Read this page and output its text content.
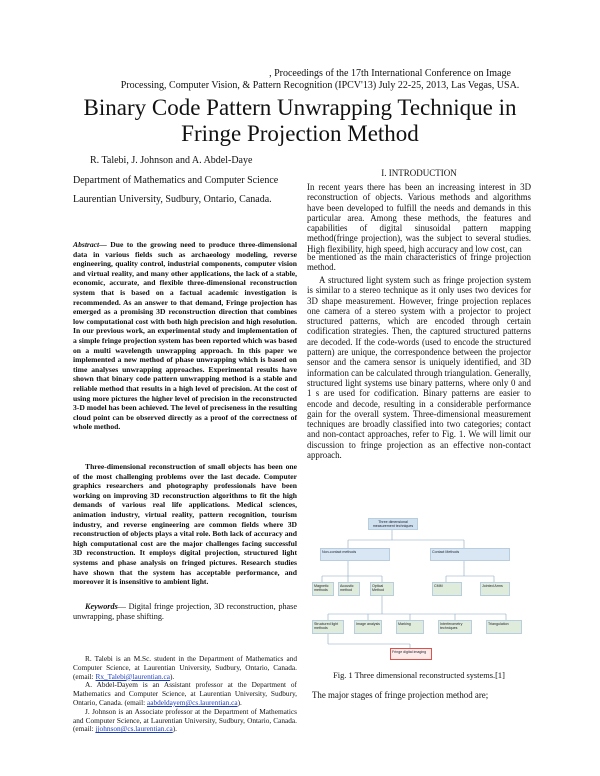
, Proceedings of the 17th International Conference on Image
Processing, Computer Vision, & Pattern Recognition (IPCV'13) July 22-25, 2013, Las Vegas, USA.
Binary Code Pattern Unwrapping Technique in
Fringe Projection Method
R. Talebi, J. Johnson and A. Abdel-Daye
Department of Mathematics and Computer Science
Laurentian University, Sudbury, Ontario, Canada.
Abstract— Due to the growing need to produce three-dimensional data in various fields such as archaeology modeling, reverse engineering, quality control, industrial components, computer vision and virtual reality, and many other applications, the lack of a stable, economic, accurate, and flexible three-dimensional reconstruction system that is based on a factual academic investigation is recommended. As an answer to that demand, Fringe projection has emerged as a promising 3D reconstruction direction that combines low computational cost with both high precision and high resolution. In our previous work, an experimental study and implementation of a simple fringe projection system has been reported which was based on a multi wavelength unwrapping approach. In this paper we implemented a new method of phase unwrapping which is based on time analyses unwrapping approaches. Experimental results have shown that binary code pattern unwrapping method is a stable and reliable method that results in a high level of precision. At the cost of using more pictures the higher level of precision in the reconstructed 3-D model has been achieved. The level of preciseness in the resulting cloud point can be observed directly as a proof of the correctness of whole method.
Three-dimensional reconstruction of small objects has been one of the most challenging problems over the last decade. Computer graphics researchers and photography professionals have been working on improving 3D reconstruction algorithms to fit the high demands of various real life applications. Medical sciences, animation industry, virtual reality, pattern recognition, tourism industry, and reverse engineering are common fields where 3D reconstruction of objects plays a vital role. Both lack of accuracy and high computational cost are the major challenges facing successful 3D reconstruction. It employs digital projection, structured light systems and phase analysis on fringed pictures. Research studies have shown that the system has acceptable performance, and moreover it is insensitive to ambient light.
Keywords— Digital fringe projection, 3D reconstruction, phase unwrapping, phase shifting.
R. Talebi is an M.Sc. student in the Department of Mathematics and Computer Science, at Laurentian University, Sudbury, Ontario, Canada. (email: Rx_Talebi@laurentian.ca).
A. Abdel-Dayem is an Assistant professor at the Department of Mathematics and Computer Science, at Laurentian University, Sudbury, Ontario, Canada. (email: aabdeldayem@cs.laurentian.ca).
J. Johnson is an Associate professor at the Department of Mathematics and Computer Science, at Laurentian University, Sudbury, Ontario, Canada. (email: jjohnson@cs.laurentian.ca).
I. INTRODUCTION
In recent years there has been an increasing interest in 3D reconstruction of objects. Various methods and algorithms have been developed to fulfill the needs and demands in this particular area. Among these methods, the features and capabilities of digital sinusoidal pattern mapping method(fringe projection), was the subject to several studies. High flexibility, high speed, high accuracy and low cost, can
be mentioned as the main characteristics of fringe projection method.
A structured light system such as fringe projection system is similar to a stereo technique as it only uses two devices for 3D shape measurement. However, fringe projection replaces one camera of a stereo system with a projector to project structured patterns, which are encoded through certain codification strategies. Then, the captured structured patterns are decoded. If the code-words (used to encode the structured pattern) are unique, the correspondence between the projector sensor and the camera sensor is uniquely identified, and 3D information can be calculated through triangulation. Generally, structured light systems use binary patterns, where only 0 and 1 s are used for codification. Binary patterns are easier to encode and decode, resulting in a considerable performance gain for the overall system. Three-dimensional measurement techniques are broadly classified into two categories; contact and non-contact approaches, refer to Fig. 1. We will limit our discussion to fringe projection as an effective non-contact approach.
Three dimensional measurement techniques
Non-contact methods	Contact Methods
Magnetic methods
Acoustic method
Optical Method
CMM	Jointed Arms
Structured light methods
Image analysis	Marking	Interferometry techniques
Triangulation
Fringe digital imaging
Fig. 1 Three dimensional reconstructed systems.[1]
The major stages of fringe projection method are;
